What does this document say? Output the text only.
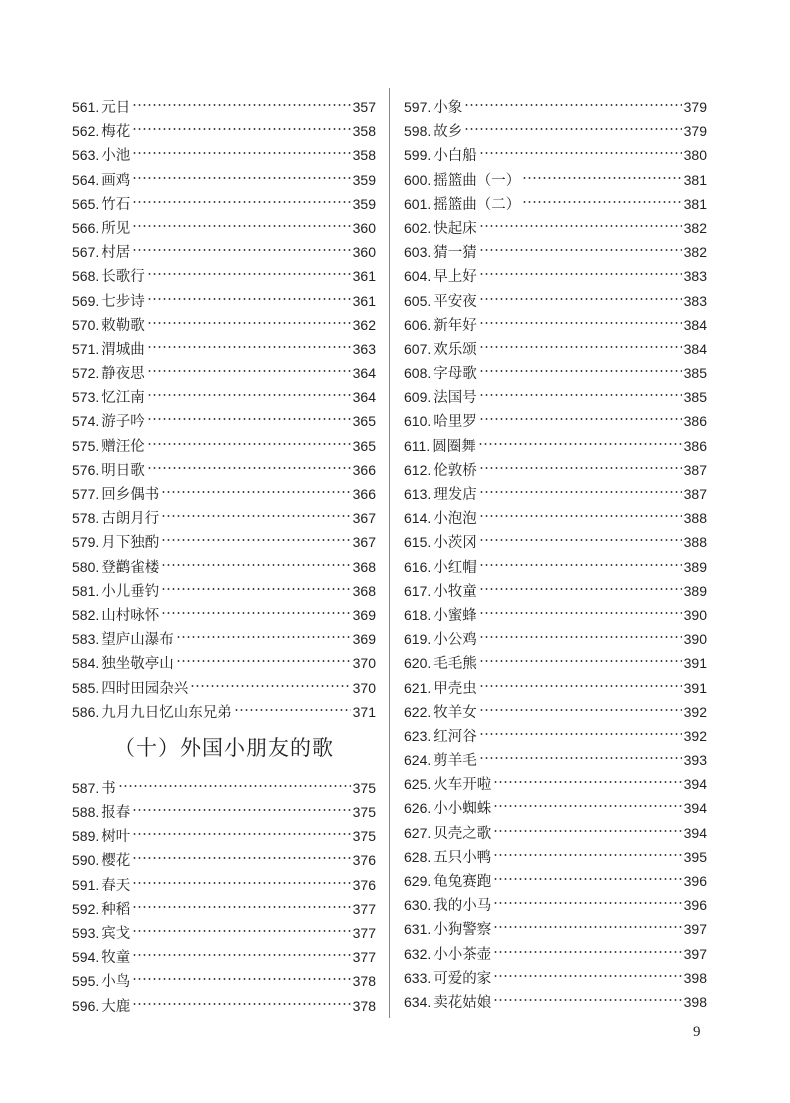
561. 元日	357
562. 梅花	358
563. 小池	358
564. 画鸡	359
565. 竹石	359
566. 所见	360
567. 村居	360
568. 长歌行	361
569. 七步诗	361
570. 敕勒歌	362
571. 渭城曲	363
572. 静夜思	364
573. 忆江南	364
574. 游子吟	365
575. 赠汪伦	365
576. 明日歌	366
577. 回乡偶书	366
578. 古朗月行	367
579. 月下独酌	367
580. 登鹳雀楼	368
581. 小儿垂钓	368
582. 山村咏怀	369
583. 望庐山瀑布	369
584. 独坐敬亭山	370
585. 四时田园杂兴	370
586. 九月九日忆山东兄弟	371
（十）外国小朋友的歌
587. 书	375
588. 报春	375
589. 树叶	375
590. 樱花	376
591. 春天	376
592. 种稻	377
593. 宾戈	377
594. 牧童	377
595. 小鸟	378
596. 大鹿	378
597. 小象	379
598. 故乡	379
599. 小白船	380
600. 摇篮曲（一）	381
601. 摇篮曲（二）	381
602. 快起床	382
603. 猜一猜	382
604. 早上好	383
605. 平安夜	383
606. 新年好	384
607. 欢乐颂	384
608. 字母歌	385
609. 法国号	385
610. 哈里罗	386
611. 圆圈舞	386
612. 伦敦桥	387
613. 理发店	387
614. 小泡泡	388
615. 小茨冈	388
616. 小红帽	389
617. 小牧童	389
618. 小蜜蜂	390
619. 小公鸡	390
620. 毛毛熊	391
621. 甲壳虫	391
622. 牧羊女	392
623. 红河谷	392
624. 剪羊毛	393
625. 火车开啦	394
626. 小小蜘蛛	394
627. 贝壳之歌	394
628. 五只小鸭	395
629. 龟兔赛跑	396
630. 我的小马	396
631. 小狗警察	397
632. 小小茶壶	397
633. 可爱的家	398
634. 卖花姑娘	398
9
